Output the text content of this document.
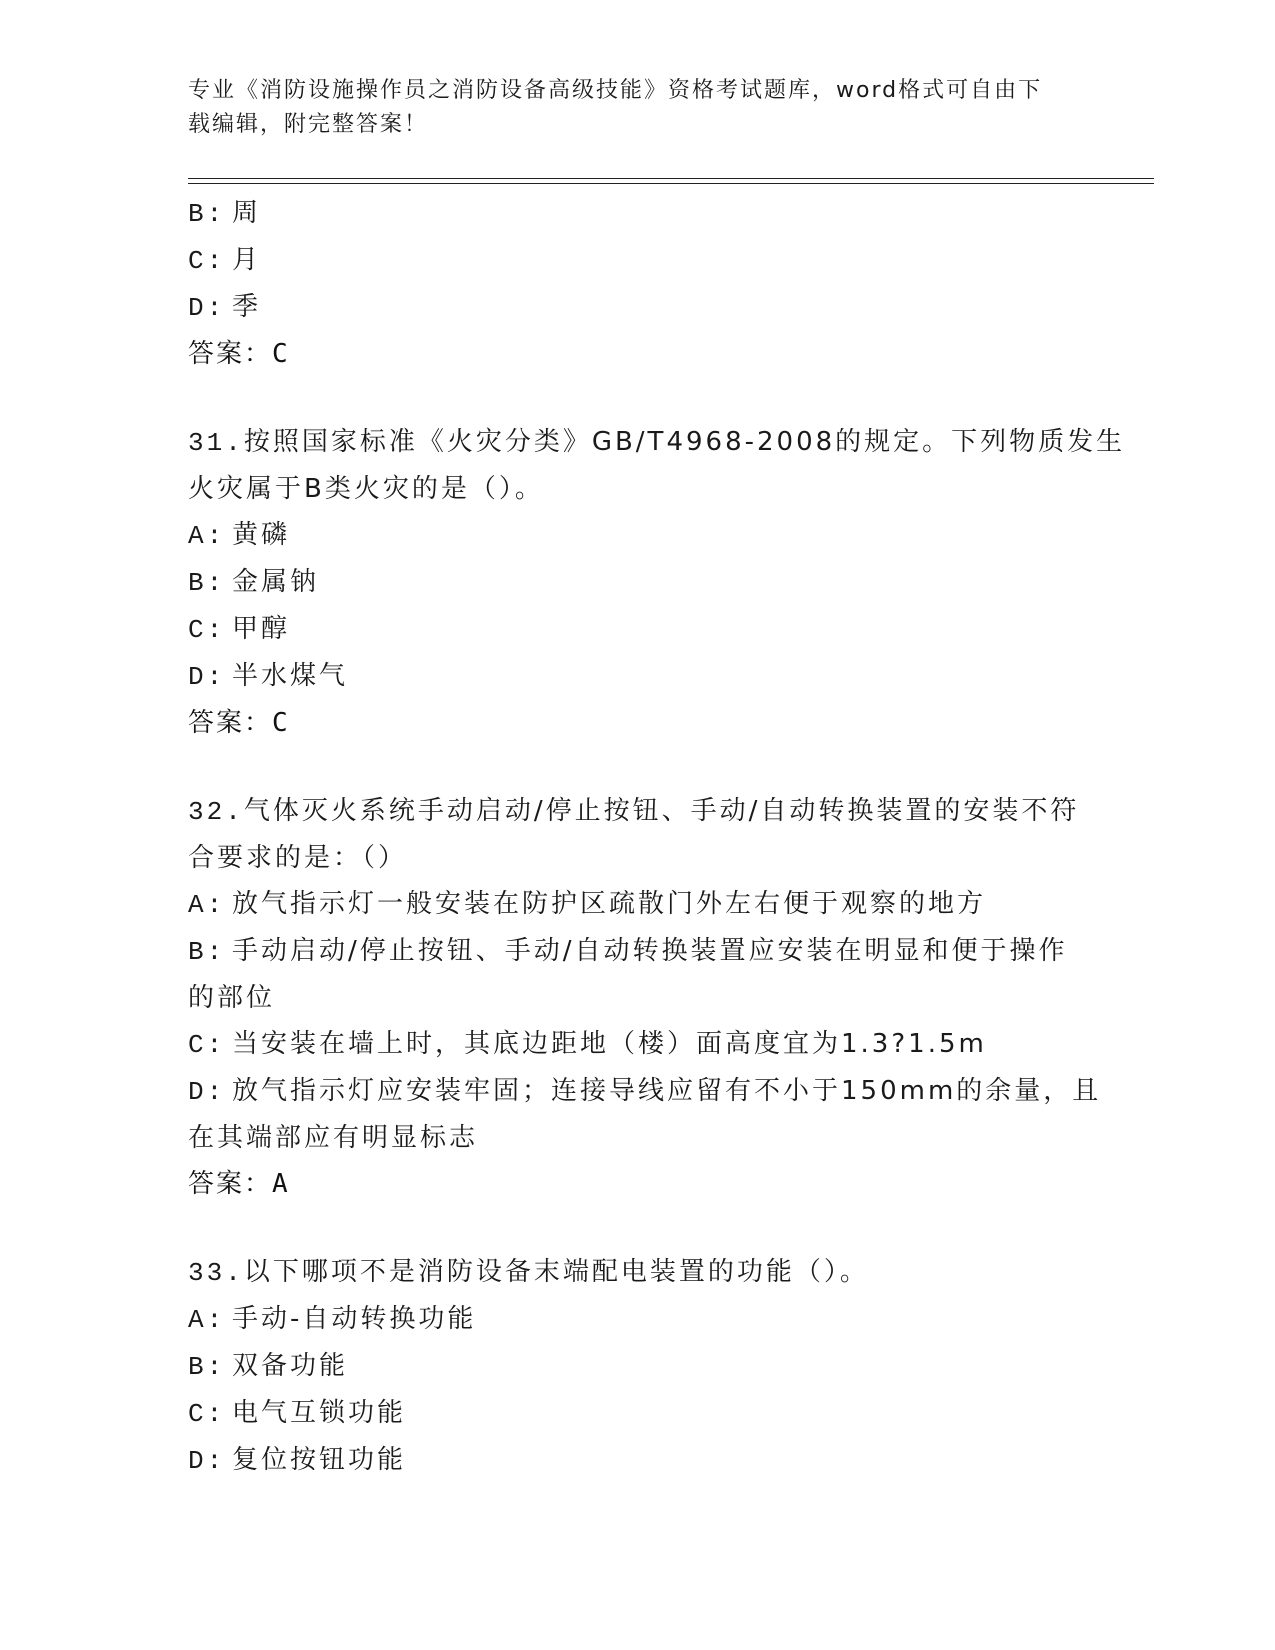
专业《消防设施操作员之消防设备高级技能》资格考试题库，word格式可自由下
载编辑，附完整答案！
B: 周
C: 月
D: 季
答案：C
31.按照国家标准《火灾分类》GB/T4968-2008的规定。下列物质发生
火灾属于B类火灾的是（）。
A: 黄磷
B: 金属钠
C: 甲醇
D: 半水煤气
答案：C
32.气体灭火系统手动启动/停止按钮、手动/自动转换装置的安装不符
合要求的是：（）
A: 放气指示灯一般安装在防护区疏散门外左右便于观察的地方
B: 手动启动/停止按钮、手动/自动转换装置应安装在明显和便于操作
的部位
C: 当安装在墙上时，其底边距地（楼）面高度宜为1.3?1.5m
D: 放气指示灯应安装牢固；连接导线应留有不小于150mm的余量，且
在其端部应有明显标志
答案：A
33.以下哪项不是消防设备末端配电装置的功能（）。
A: 手动-自动转换功能
B: 双备功能
C: 电气互锁功能
D: 复位按钮功能
